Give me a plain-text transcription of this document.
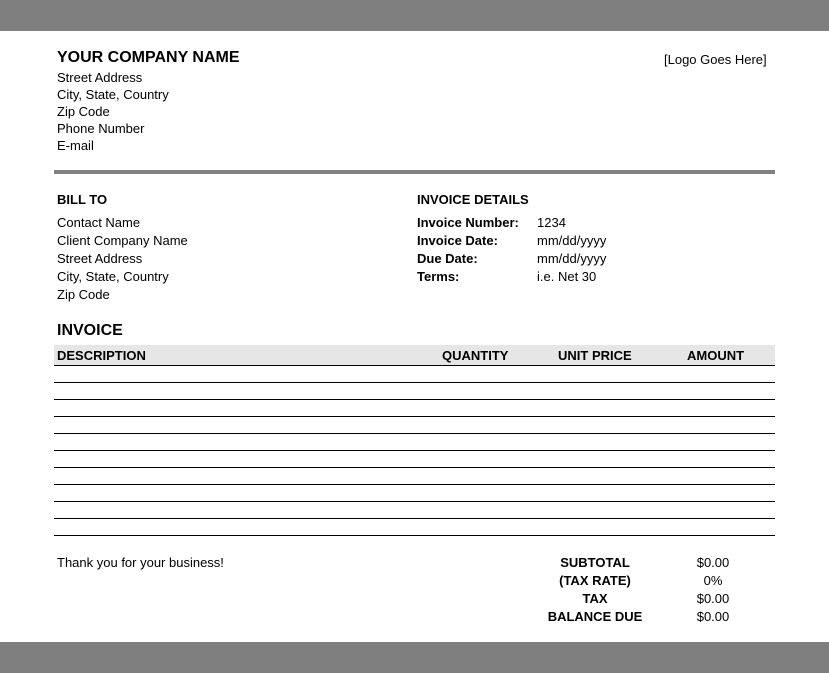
YOUR COMPANY NAME
Street Address
City, State, Country
Zip Code
Phone Number
E-mail
[Logo Goes Here]
BILL TO
Contact Name
Client Company Name
Street Address
City, State, Country
Zip Code
INVOICE DETAILS
Invoice Number: 1234
Invoice Date:	mm/dd/yyyy
Due Date:	mm/dd/yyyy
Terms:	i.e. Net 30
INVOICE
DESCRIPTION	QUANTITY	UNIT PRICE	AMOUNT
Thank you for your business!	SUBTOTAL	$0.00
(TAX RATE)	0%
TAX	$0.00
BALANCE DUE	$0.00
